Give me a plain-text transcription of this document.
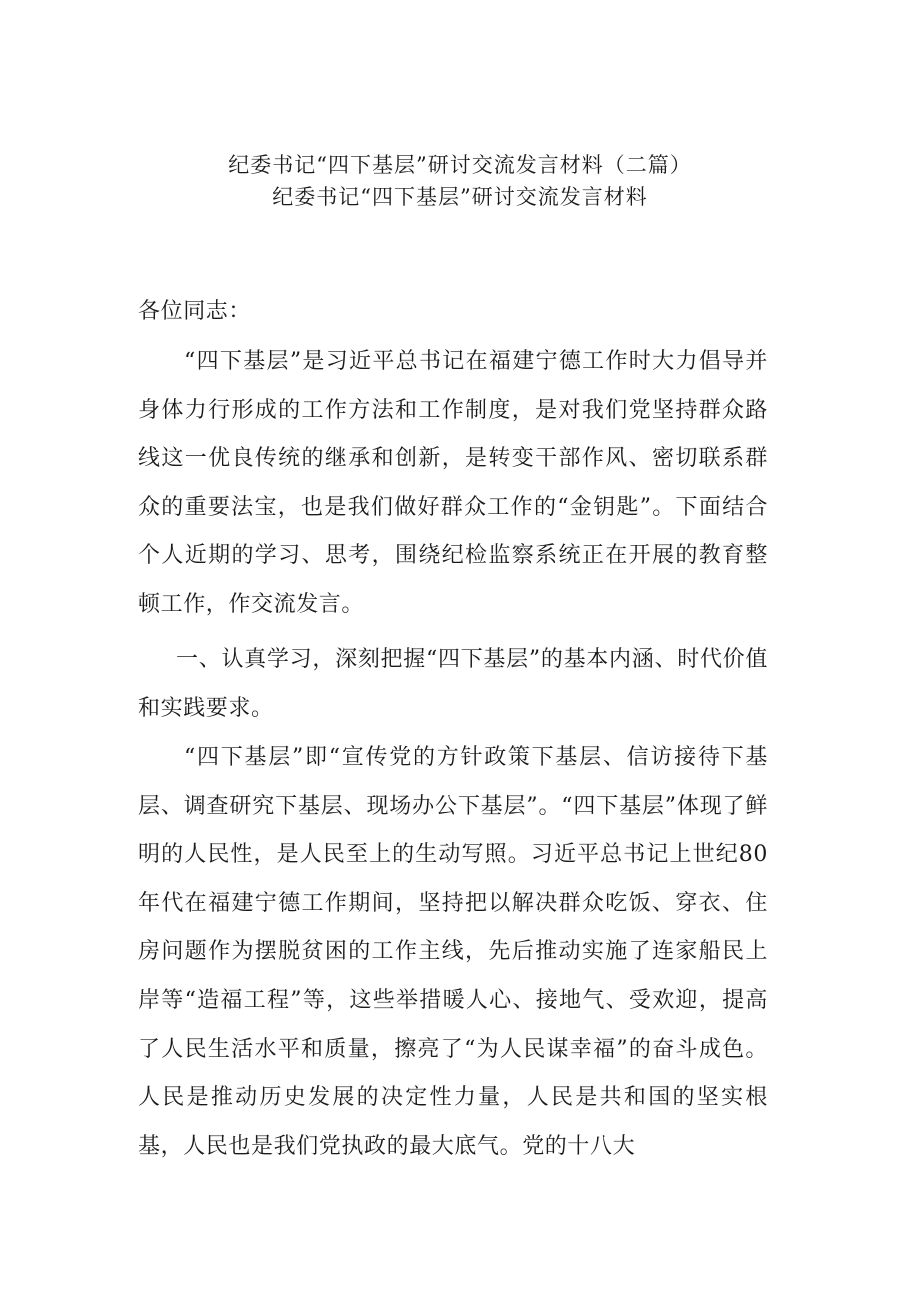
纪委书记“四下基层”研讨交流发言材料（二篇）
纪委书记“四下基层”研讨交流发言材料

各位同志：

“四下基层”是习近平总书记在福建宁德工作时大力倡导并身体力行形成的工作方法和工作制度，是对我们党坚持群众路线这一优良传统的继承和创新，是转变干部作风、密切联系群众的重要法宝，也是我们做好群众工作的“金钥匙”。下面结合个人近期的学习、思考，围绕纪检监察系统正在开展的教育整顿工作，作交流发言。

一、认真学习，深刻把握“四下基层”的基本内涵、时代价值和实践要求。

“四下基层”即“宣传党的方针政策下基层、信访接待下基层、调查研究下基层、现场办公下基层”。“四下基层”体现了鲜明的人民性，是人民至上的生动写照。习近平总书记上世纪80年代在福建宁德工作期间，坚持把以解决群众吃饭、穿衣、住房问题作为摆脱贫困的工作主线，先后推动实施了连家船民上岸等“造福工程”等，这些举措暖人心、接地气、受欢迎，提高了人民生活水平和质量，擦亮了“为人民谋幸福”的奋斗成色。人民是推动历史发展的决定性力量，人民是共和国的坚实根基，人民也是我们党执政的最大底气。党的十八大
